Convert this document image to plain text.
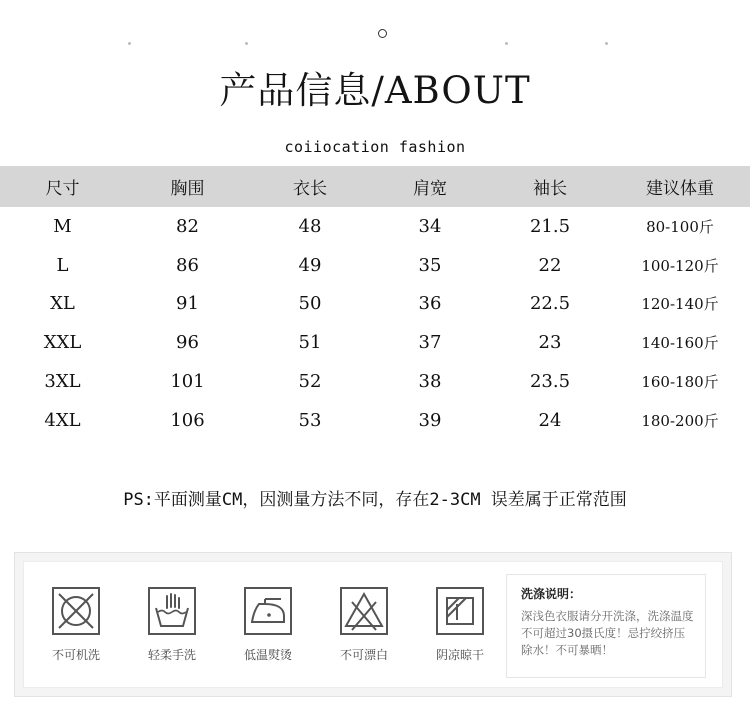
产品信息/ABOUT
coiiocation fashion
尺寸	胸围	衣长	肩宽	袖长	建议体重
M	82	48	34	21.5	80-100斤
L	86	49	35	22	100-120斤
XL	91	50	36	22.5	120-140斤
XXL	96	51	37	23	140-160斤
3XL	101	52	38	23.5	160-180斤
4XL	106	53	39	24	180-200斤
PS:平面测量CM，因测量方法不同，存在2-3CM 误差属于正常范围
不可机洗	轻柔手洗	低温熨烫	不可漂白	阴凉晾干
洗涤说明：
深浅色衣服请分开洗涤，洗涤温度不可超过30摄氏度！忌拧绞挤压除水！不可暴晒！
